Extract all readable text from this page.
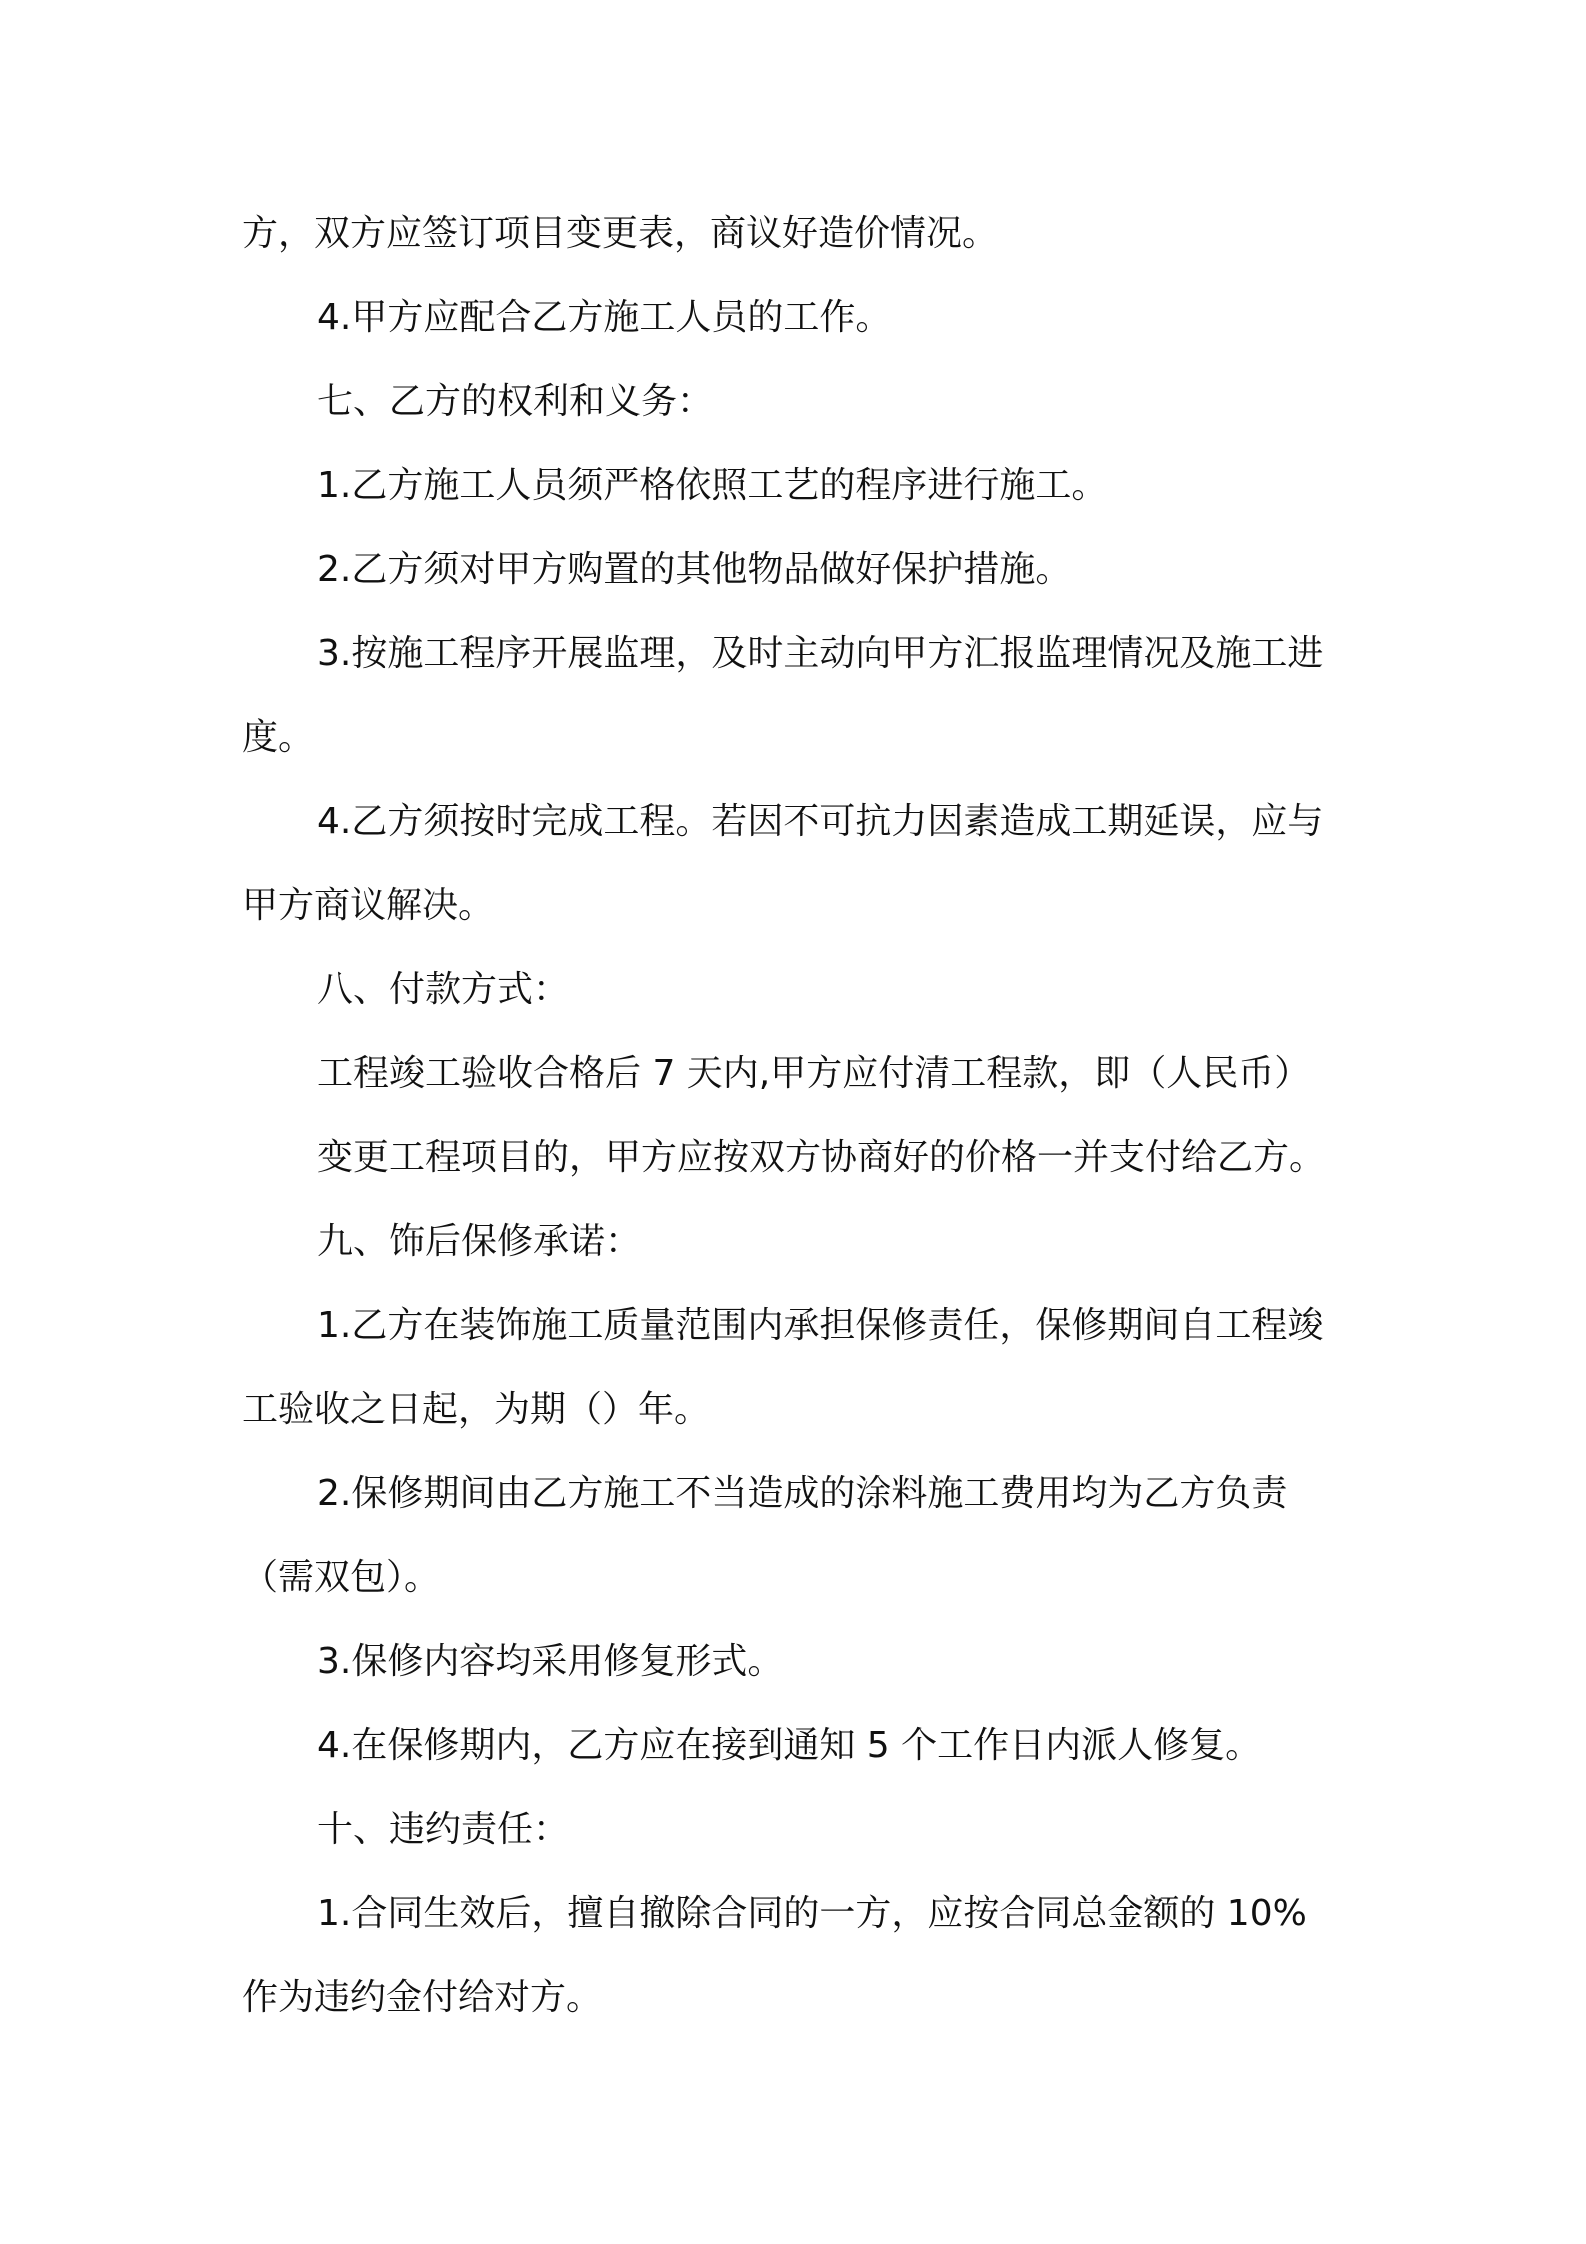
方，双方应签订项目变更表，商议好造价情况。
4.甲方应配合乙方施工人员的工作。
七、乙方的权利和义务：
1.乙方施工人员须严格依照工艺的程序进行施工。
2.乙方须对甲方购置的其他物品做好保护措施。
3.按施工程序开展监理，及时主动向甲方汇报监理情况及施工进
度。
4.乙方须按时完成工程。若因不可抗力因素造成工期延误，应与
甲方商议解决。
八、付款方式：
工程竣工验收合格后 7 天内,甲方应付清工程款，即（人民币）
变更工程项目的，甲方应按双方协商好的价格一并支付给乙方。
九、饰后保修承诺：
1.乙方在装饰施工质量范围内承担保修责任，保修期间自工程竣
工验收之日起，为期（）年。
2.保修期间由乙方施工不当造成的涂料施工费用均为乙方负责
（需双包）。
3.保修内容均采用修复形式。
4.在保修期内，乙方应在接到通知 5 个工作日内派人修复。
十、违约责任：
1.合同生效后，擅自撤除合同的一方，应按合同总金额的 10%
作为违约金付给对方。
